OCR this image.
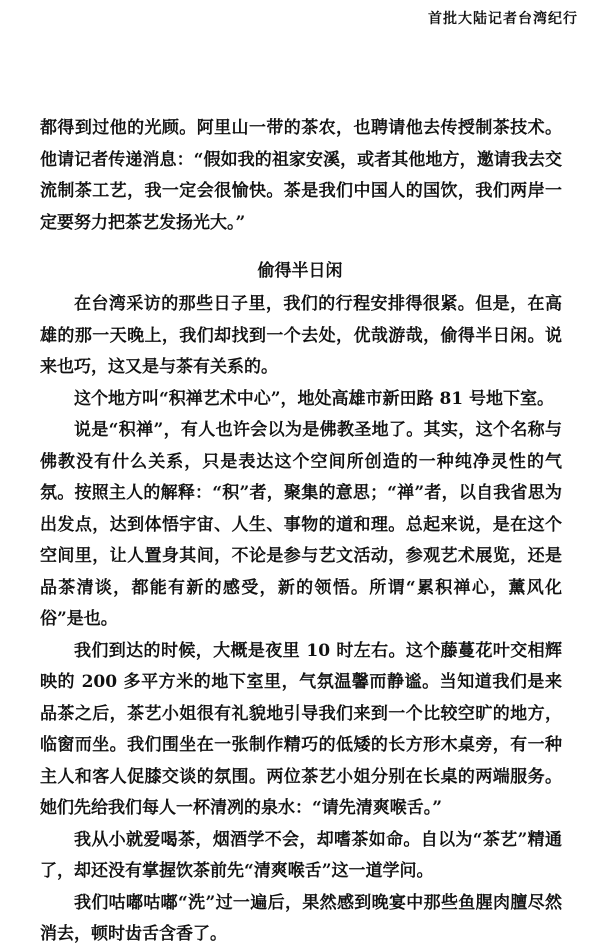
首批大陆记者台湾纪行

都得到过他的光顾。阿里山一带的茶农，也聘请他去传授制茶技术。他请记者传递消息：“假如我的祖家安溪，或者其他地方，邀请我去交流制茶工艺，我一定会很愉快。茶是我们中国人的国饮，我们两岸一定要努力把茶艺发扬光大。”

偷得半日闲

在台湾采访的那些日子里，我们的行程安排得很紧。但是，在高雄的那一天晚上，我们却找到一个去处，优哉游哉，偷得半日闲。说来也巧，这又是与茶有关系的。

这个地方叫“积禅艺术中心”，地处高雄市新田路 81 号地下室。

说是“积禅”，有人也许会以为是佛教圣地了。其实，这个名称与佛教没有什么关系，只是表达这个空间所创造的一种纯净灵性的气氛。按照主人的解释：“积”者，聚集的意思；“禅”者，以自我省思为出发点，达到体悟宇宙、人生、事物的道和理。总起来说，是在这个空间里，让人置身其间，不论是参与艺文活动，参观艺术展览，还是品茶清谈，都能有新的感受，新的领悟。所谓“累积禅心，薰风化俗”是也。

我们到达的时候，大概是夜里 10 时左右。这个藤蔓花叶交相辉映的 200 多平方米的地下室里，气氛温馨而静谧。当知道我们是来品茶之后，茶艺小姐很有礼貌地引导我们来到一个比较空旷的地方，临窗而坐。我们围坐在一张制作精巧的低矮的长方形木桌旁，有一种主人和客人促膝交谈的氛围。两位茶艺小姐分别在长桌的两端服务。她们先给我们每人一杯清冽的泉水：“请先清爽喉舌。”

我从小就爱喝茶，烟酒学不会，却嗜茶如命。自以为“茶艺”精通了，却还没有掌握饮茶前先“清爽喉舌”这一道学问。

我们咕嘟咕嘟“洗”过一遍后，果然感到晚宴中那些鱼腥肉膻尽然消去，顿时齿舌含香了。
